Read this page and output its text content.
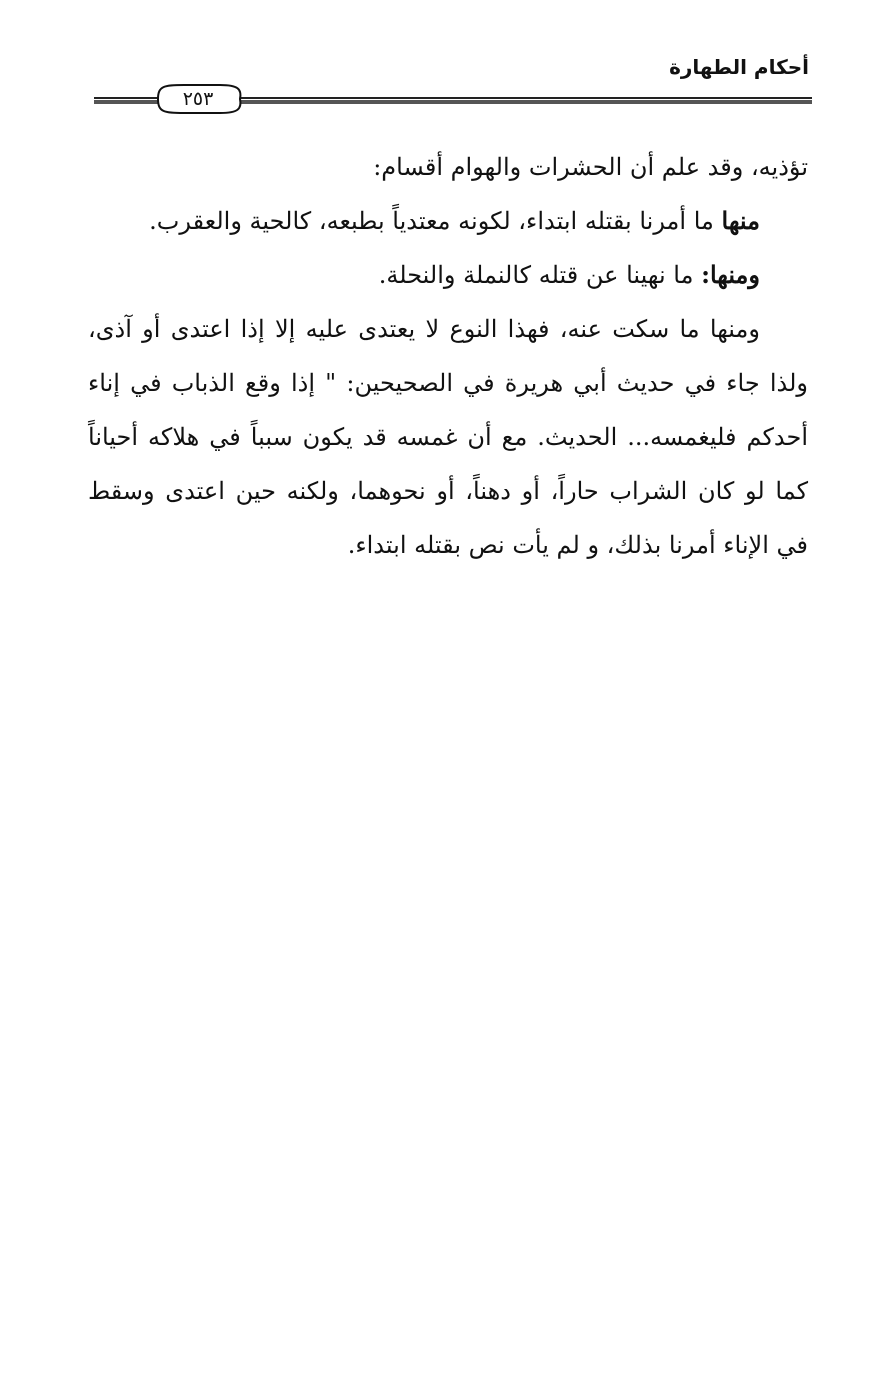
أحكام الطهارة
٢٥٣

تؤذيه، وقد علم أن الحشرات والهوام أقسام:

منها ما أمرنا بقتله ابتداء، لكونه معتدياً بطبعه، كالحية والعقرب.

ومنها: ما نهينا عن قتله كالنملة والنحلة.

ومنها ما سكت عنه، فهذا النوع لا يعتدى عليه إلا إذا اعتدى أو آذى، ولذا جاء في حديث أبي هريرة في الصحيحين: " إذا وقع الذباب في إناء أحدكم فليغمسه... الحديث. مع أن غمسه قد يكون سبباً في هلاكه أحياناً كما لو كان الشراب حاراً، أو دهناً، أو نحوهما، ولكنه حين اعتدى وسقط في الإناء أمرنا بذلك، و لم يأت نص بقتله ابتداء.
